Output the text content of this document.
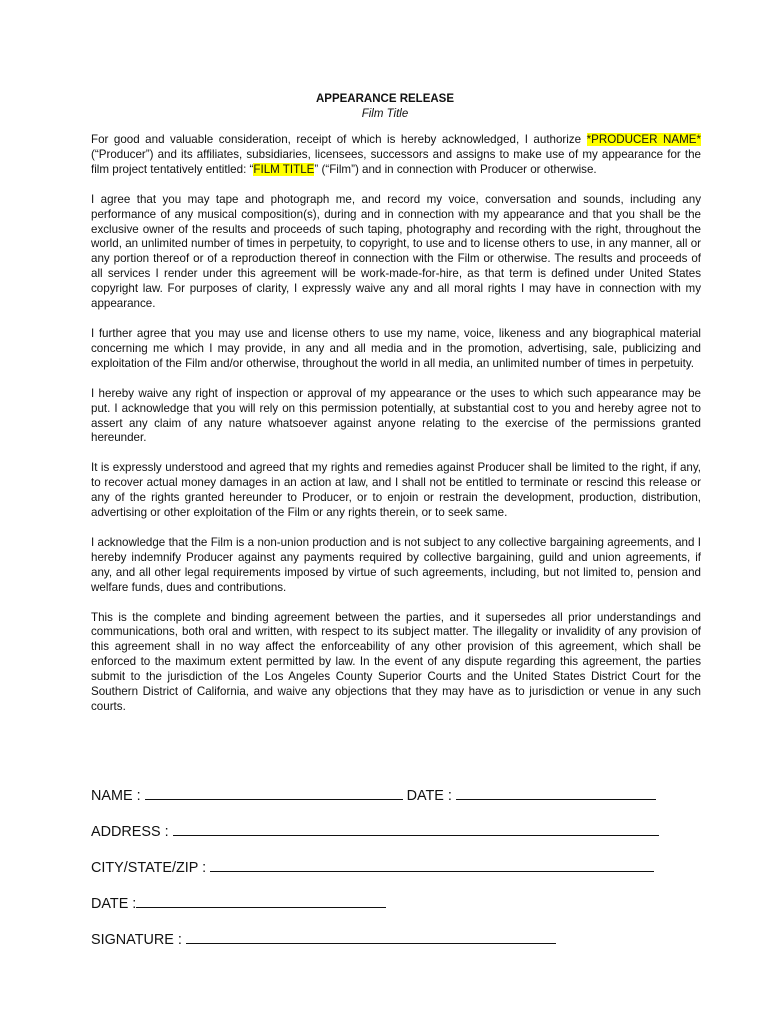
APPEARANCE RELEASE

Film Title

For good and valuable consideration, receipt of which is hereby acknowledged, I authorize *PRODUCER NAME* (“Producer”) and its affiliates, subsidiaries, licensees, successors and assigns to make use of my appearance for the film project tentatively entitled: “FILM TITLE” (“Film”) and in connection with Producer or otherwise.

I agree that you may tape and photograph me, and record my voice, conversation and sounds, including any performance of any musical composition(s), during and in connection with my appearance and that you shall be the exclusive owner of the results and proceeds of such taping, photography and recording with the right, throughout the world, an unlimited number of times in perpetuity, to copyright, to use and to license others to use, in any manner, all or any portion thereof or of a reproduction thereof in connection with the Film or otherwise. The results and proceeds of all services I render under this agreement will be work-made-for-hire, as that term is defined under United States copyright law. For purposes of clarity, I expressly waive any and all moral rights I may have in connection with my appearance.

I further agree that you may use and license others to use my name, voice, likeness and any biographical material concerning me which I may provide, in any and all media and in the promotion, advertising, sale, publicizing and exploitation of the Film and/or otherwise, throughout the world in all media, an unlimited number of times in perpetuity.

I hereby waive any right of inspection or approval of my appearance or the uses to which such appearance may be put. I acknowledge that you will rely on this permission potentially, at substantial cost to you and hereby agree not to assert any claim of any nature whatsoever against anyone relating to the exercise of the permissions granted hereunder.

It is expressly understood and agreed that my rights and remedies against Producer shall be limited to the right, if any, to recover actual money damages in an action at law, and I shall not be entitled to terminate or rescind this release or any of the rights granted hereunder to Producer, or to enjoin or restrain the development, production, distribution, advertising or other exploitation of the Film or any rights therein, or to seek same.

I acknowledge that the Film is a non-union production and is not subject to any collective bargaining agreements, and I hereby indemnify Producer against any payments required by collective bargaining, guild and union agreements, if any, and all other legal requirements imposed by virtue of such agreements, including, but not limited to, pension and welfare funds, dues and contributions.

This is the complete and binding agreement between the parties, and it supersedes all prior understandings and communications, both oral and written, with respect to its subject matter. The illegality or invalidity of any provision of this agreement shall in no way affect the enforceability of any other provision of this agreement, which shall be enforced to the maximum extent permitted by law. In the event of any dispute regarding this agreement, the parties submit to the jurisdiction of the Los Angeles County Superior Courts and the United States District Court for the Southern District of California, and waive any objections that they may have as to jurisdiction or venue in any such courts.

NAME :	DATE :
ADDRESS :
CITY/STATE/ZIP :
DATE :
SIGNATURE :
